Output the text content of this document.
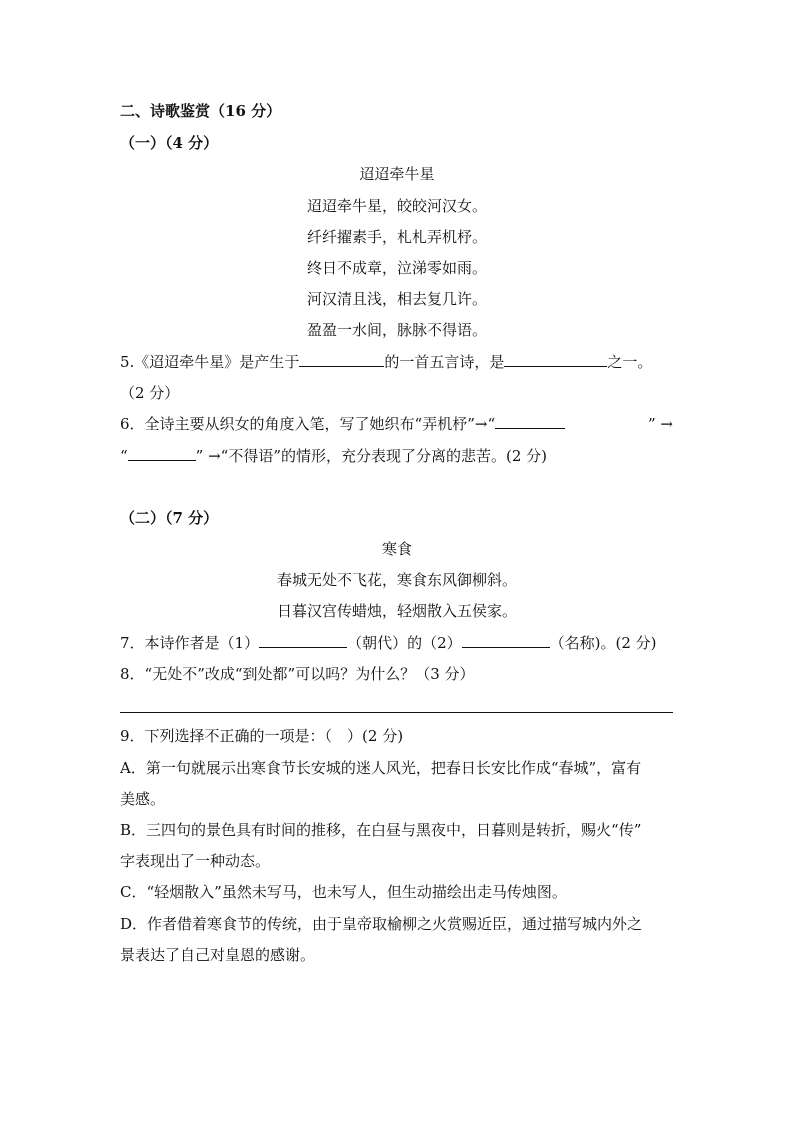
二、诗歌鉴赏（16 分）
（一）（4 分）
迢迢牵牛星
迢迢牵牛星，皎皎河汉女。
纤纤擢素手，札札弄机杼。
终日不成章，泣涕零如雨。
河汉清且浅，相去复几许。
盈盈一水间，脉脉不得语。
5.《迢迢牵牛星》是产生于	的一首五言诗，是	之一。
（2 分）
6．全诗主要从织女的角度入笔，写了她织布“弄机杼”→“	” →
“	” →“不得语”的情形，充分表现了分离的悲苦。(2 分)
（二）（7 分）
寒食
春城无处不飞花，寒食东风御柳斜。
日暮汉宫传蜡烛，轻烟散入五侯家。
7．本诗作者是（1）	（朝代）的（2）	（名称)。(2 分)
8．“无处不”改成“到处都”可以吗？为什么？（3 分）
9．下列选择不正确的一项是：（　）(2 分)
A．第一句就展示出寒食节长安城的迷人风光，把春日长安比作成“春城”，富有
美感。
B．三四句的景色具有时间的推移，在白昼与黑夜中，日暮则是转折，赐火“传”
字表现出了一种动态。
C．“轻烟散入”虽然未写马，也未写人，但生动描绘出走马传烛图。
D．作者借着寒食节的传统，由于皇帝取榆柳之火赏赐近臣，通过描写城内外之
景表达了自己对皇恩的感谢。
